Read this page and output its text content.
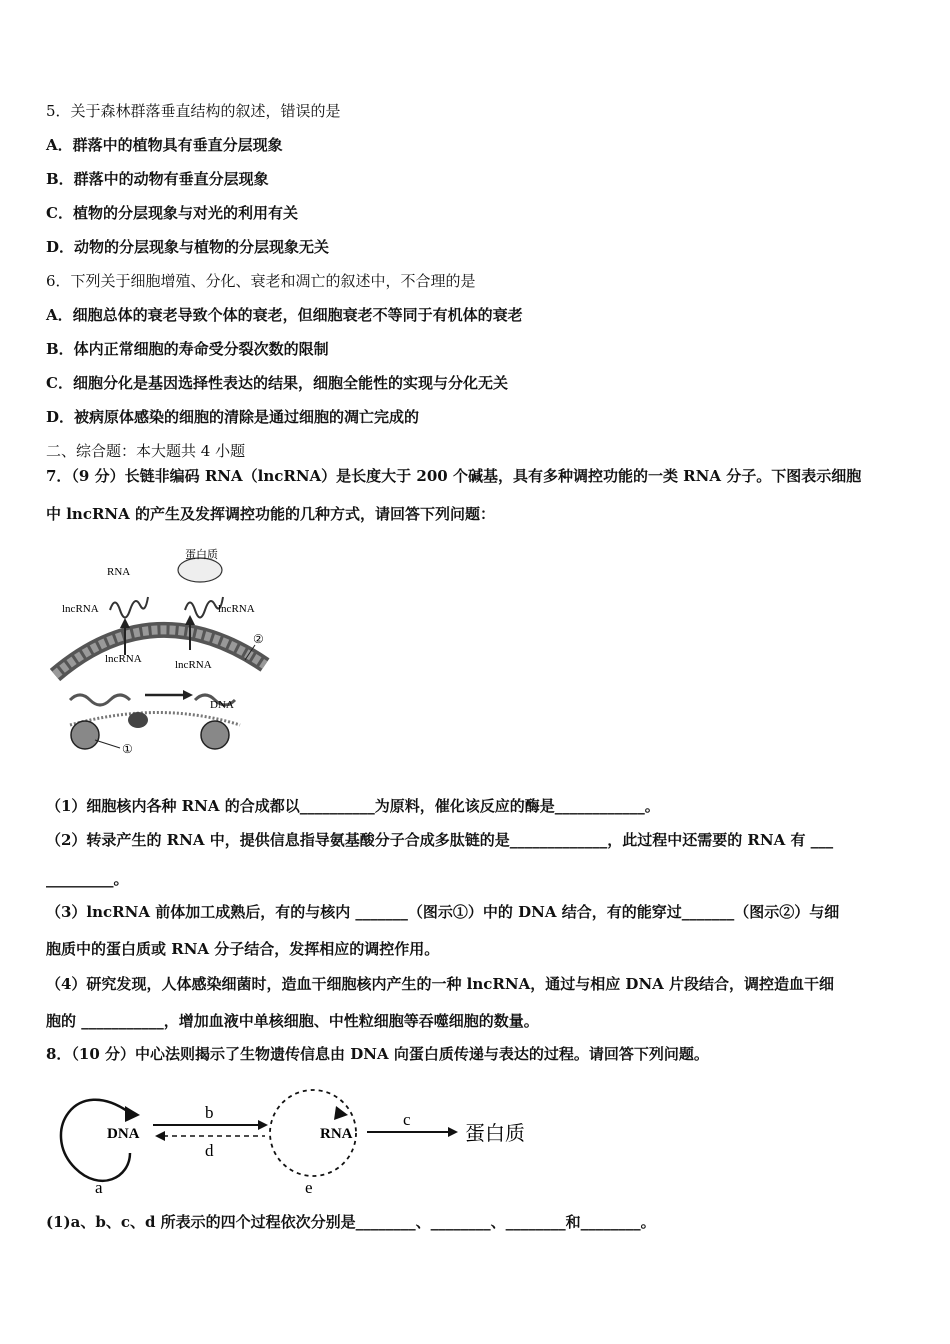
5．关于森林群落垂直结构的叙述，错误的是
A．群落中的植物具有垂直分层现象
B．群落中的动物有垂直分层现象
C．植物的分层现象与对光的利用有关
D．动物的分层现象与植物的分层现象无关
6．下列关于细胞增殖、分化、衰老和凋亡的叙述中，不合理的是
A．细胞总体的衰老导致个体的衰老，但细胞衰老不等同于有机体的衰老
B．体内正常细胞的寿命受分裂次数的限制
C．细胞分化是基因选择性表达的结果，细胞全能性的实现与分化无关
D．被病原体感染的细胞的清除是通过细胞的凋亡完成的
二、综合题：本大题共 4 小题
7．（9 分）长链非编码 RNA（lncRNA）是长度大于 200 个碱基，具有多种调控功能的一类 RNA 分子。下图表示细胞
中 lncRNA 的产生及发挥调控功能的几种方式，请回答下列问题：
蛋白质
RNA
lncRNA	lncRNA
lncRNA	lncRNA
DNA
①
②
（1）细胞核内各种 RNA 的合成都以__________为原料，催化该反应的酶是____________。
（2）转录产生的 RNA 中，提供信息指导氨基酸分子合成多肽链的是_____________，此过程中还需要的 RNA 有 ___
_________。
（3）lncRNA 前体加工成熟后，有的与核内 _______（图示①）中的 DNA 结合，有的能穿过_______（图示②）与细
胞质中的蛋白质或 RNA 分子结合，发挥相应的调控作用。
（4）研究发现，人体感染细菌时，造血干细胞核内产生的一种 lncRNA，通过与相应 DNA 片段结合，调控造血干细
胞的 ___________，增加血液中单核细胞、中性粒细胞等吞噬细胞的数量。
8．（10 分）中心法则揭示了生物遗传信息由 DNA 向蛋白质传递与表达的过程。请回答下列问题。
DNA
b
d
RNA
c
蛋白质
a	e
(1)a、b、c、d 所表示的四个过程依次分别是________、________、________和________。
